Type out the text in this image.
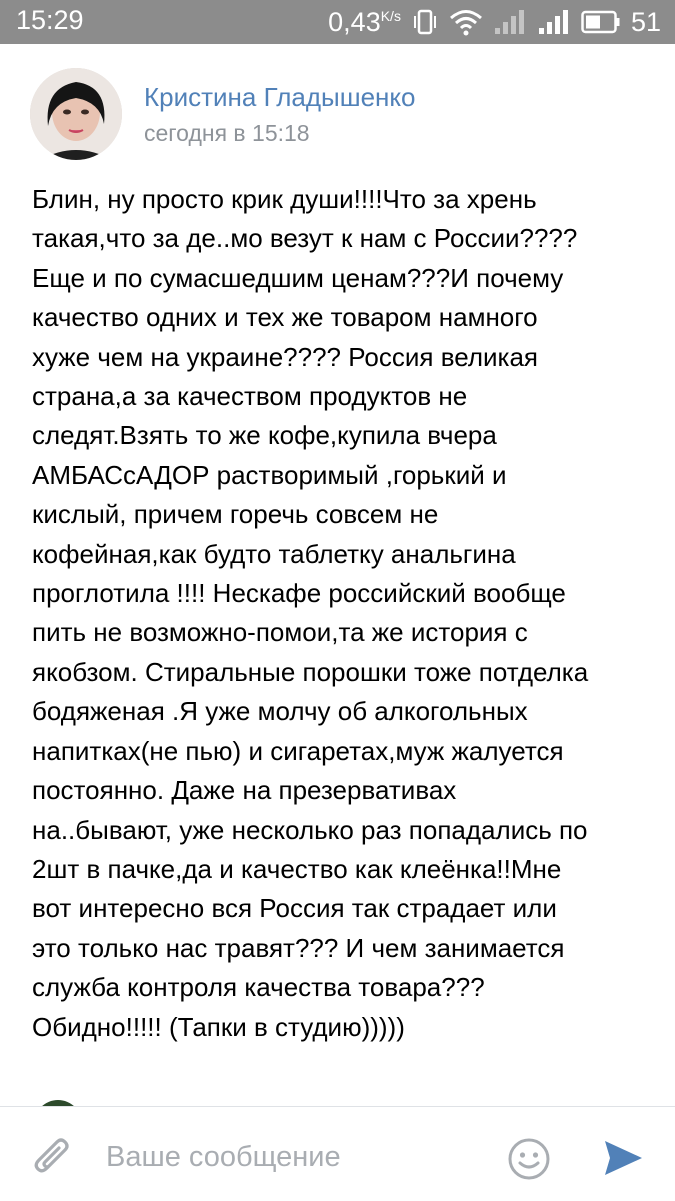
15:29	$0,43^{K/s}$	51
Кристина Гладышенко
сегодня в 15:18
Блин, ну просто крик души!!!!Что за хрень
такая,что за де..мо везут к нам с России????
Еще и по сумасшедшим ценам???И почему
качество одних и тех же товаром намного
хуже чем на украине???? Россия великая
страна,а за качеством продуктов не
следят.Взять то же кофе,купила вчера
АМБАСсАДОР растворимый ,горький и
кислый, причем горечь совсем не
кофейная,как будто таблетку анальгина
проглотила !!!! Нескафе российский вообще
пить не возможно-помои,та же история с
якобзом. Стиральные порошки тоже потделка
бодяженая .Я уже молчу об алкогольных
напитках(не пью) и сигаретах,муж жалуется
постоянно. Даже на презервативах
на..бывают, уже несколько раз попадались по
2шт в пачке,да и качество как клеёнка!!Мне
вот интересно вся Россия так страдает или
это только нас травят??? И чем занимается
служба контроля качества товара???
Обидно!!!!! (Тапки в студию)))))
Ваше сообщение
